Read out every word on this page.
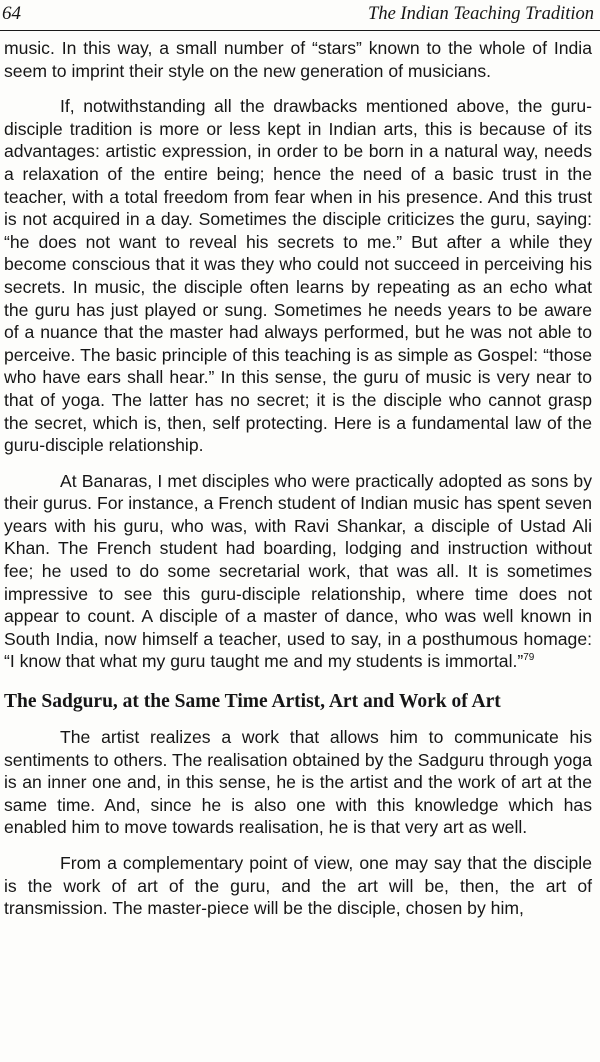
64	The Indian Teaching Tradition

music. In this way, a small number of “stars” known to the whole of India seem to imprint their style on the new generation of musicians.

If, notwithstanding all the drawbacks mentioned above, the guru-disciple tradition is more or less kept in Indian arts, this is because of its advantages: artistic expression, in order to be born in a natural way, needs a relaxation of the entire being; hence the need of a basic trust in the teacher, with a total freedom from fear when in his presence. And this trust is not acquired in a day. Sometimes the disciple criticizes the guru, saying: “he does not want to reveal his secrets to me.” But after a while they become conscious that it was they who could not succeed in perceiving his secrets. In music, the disciple often learns by repeating as an echo what the guru has just played or sung. Sometimes he needs years to be aware of a nuance that the master had always performed, but he was not able to perceive. The basic principle of this teaching is as simple as Gospel: “those who have ears shall hear.” In this sense, the guru of music is very near to that of yoga. The latter has no secret; it is the disciple who cannot grasp the secret, which is, then, self protecting. Here is a fundamental law of the guru-disciple relationship.

At Banaras, I met disciples who were practically adopted as sons by their gurus. For instance, a French student of Indian music has spent seven years with his guru, who was, with Ravi Shankar, a disciple of Ustad Ali Khan. The French student had boarding, lodging and instruction without fee; he used to do some secretarial work, that was all. It is sometimes impressive to see this guru-disciple relationship, where time does not appear to count. A disciple of a master of dance, who was well known in South India, now himself a teacher, used to say, in a posthumous homage: “I know that what my guru taught me and my students is immortal.”$^{79}$

The Sadguru, at the Same Time Artist, Art and Work of Art

The artist realizes a work that allows him to communicate his sentiments to others. The realisation obtained by the Sadguru through yoga is an inner one and, in this sense, he is the artist and the work of art at the same time. And, since he is also one with this knowledge which has enabled him to move towards realisation, he is that very art as well.

From a complementary point of view, one may say that the disciple is the work of art of the guru, and the art will be, then, the art of transmission. The master-piece will be the disciple, chosen by him,
